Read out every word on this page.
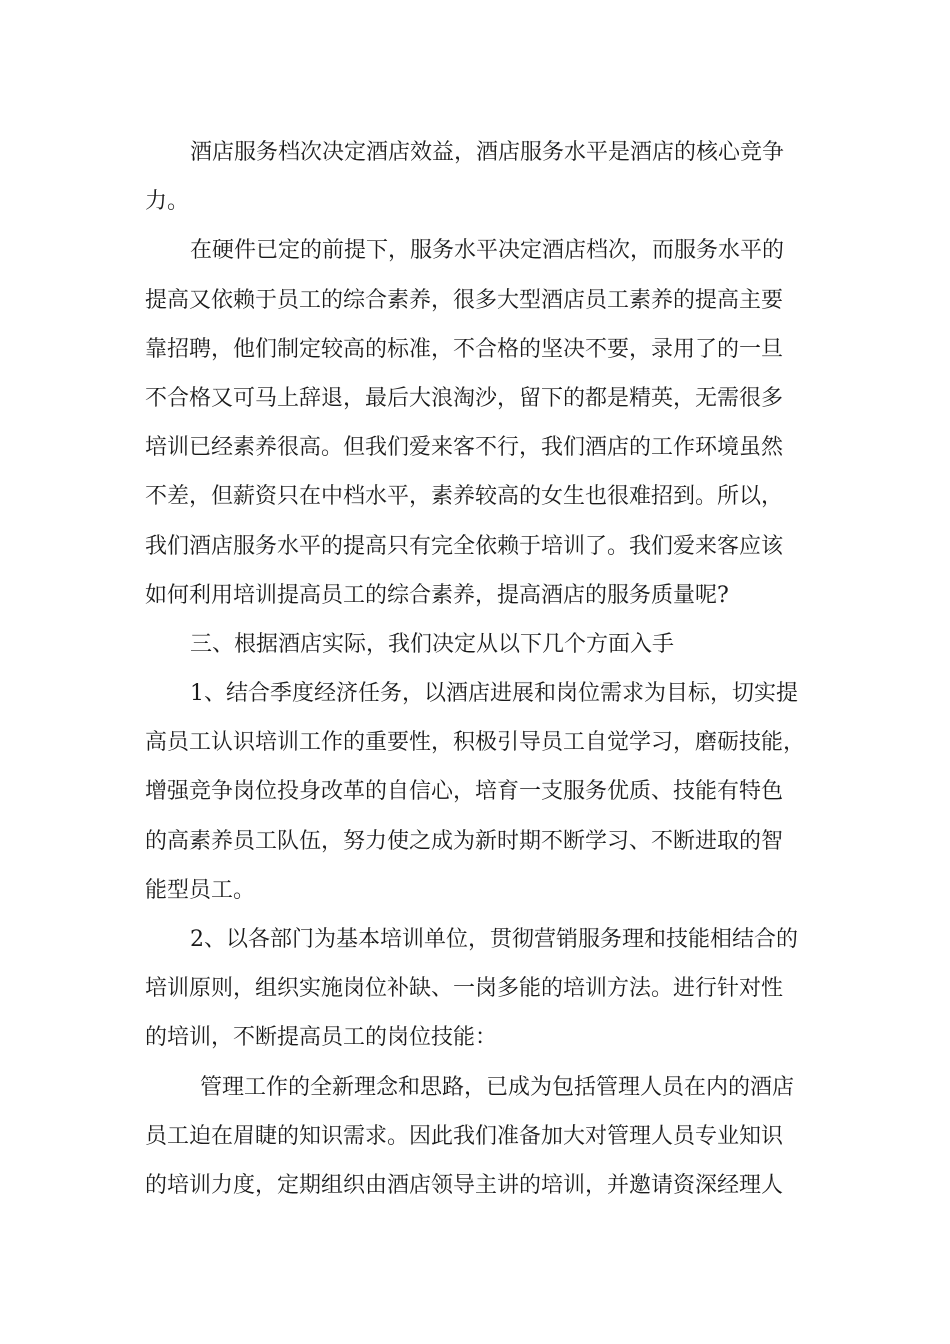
酒店服务档次决定酒店效益，酒店服务水平是酒店的核心竞争
力。
在硬件已定的前提下，服务水平决定酒店档次，而服务水平的
提高又依赖于员工的综合素养，很多大型酒店员工素养的提高主要
靠招聘，他们制定较高的标准，不合格的坚决不要，录用了的一旦
不合格又可马上辞退，最后大浪淘沙，留下的都是精英，无需很多
培训已经素养很高。但我们爱来客不行，我们酒店的工作环境虽然
不差，但薪资只在中档水平，素养较高的女生也很难招到。所以，
我们酒店服务水平的提高只有完全依赖于培训了。我们爱来客应该
如何利用培训提高员工的综合素养，提高酒店的服务质量呢?
三、根据酒店实际，我们决定从以下几个方面入手
1、结合季度经济任务，以酒店进展和岗位需求为目标，切实提
高员工认识培训工作的重要性，积极引导员工自觉学习，磨砺技能，
增强竞争岗位投身改革的自信心，培育一支服务优质、技能有特色
的高素养员工队伍，努力使之成为新时期不断学习、不断进取的智
能型员工。
2、以各部门为基本培训单位，贯彻营销服务理和技能相结合的
培训原则，组织实施岗位补缺、一岗多能的培训方法。进行针对性
的培训，不断提高员工的岗位技能：
管理工作的全新理念和思路，已成为包括管理人员在内的酒店
员工迫在眉睫的知识需求。因此我们准备加大对管理人员专业知识
的培训力度，定期组织由酒店领导主讲的培训，并邀请资深经理人
